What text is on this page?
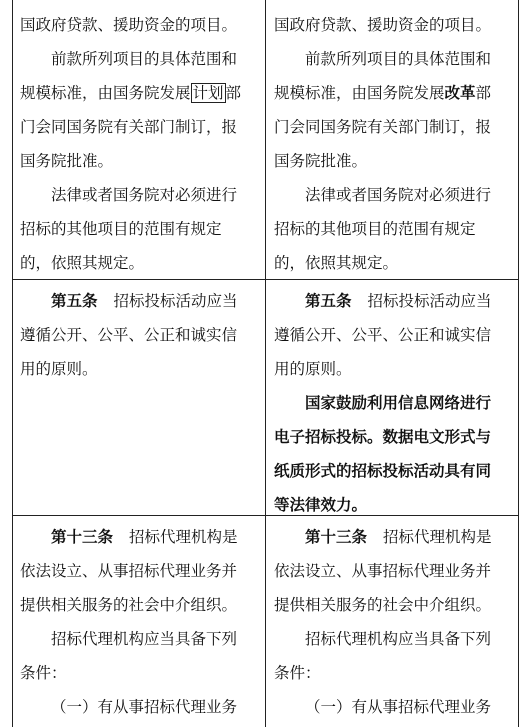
国政府贷款、援助资金的项目。
前款所列项目的具体范围和
规模标准，由国务院发展 计划 部
门会同国务院有关部门制订，报
国务院批准。
法律或者国务院对必须进行
招标的其他项目的范围有规定
的，依照其规定。
国政府贷款、援助资金的项目。
前款所列项目的具体范围和
规模标准，由国务院发展改革部
门会同国务院有关部门制订，报
国务院批准。
法律或者国务院对必须进行
招标的其他项目的范围有规定
的，依照其规定。
第五条 招标投标活动应当
遵循公开、公平、公正和诚实信
用的原则。
第五条 招标投标活动应当
遵循公开、公平、公正和诚实信
用的原则。
国家鼓励利用信息网络进行
电子招标投标。数据电文形式与
纸质形式的招标投标活动具有同
等法律效力。
第十三条 招标代理机构是
依法设立、从事招标代理业务并
提供相关服务的社会中介组织。
招标代理机构应当具备下列
条件：
（一）有从事招标代理业务
第十三条 招标代理机构是
依法设立、从事招标代理业务并
提供相关服务的社会中介组织。
招标代理机构应当具备下列
条件：
（一）有从事招标代理业务
